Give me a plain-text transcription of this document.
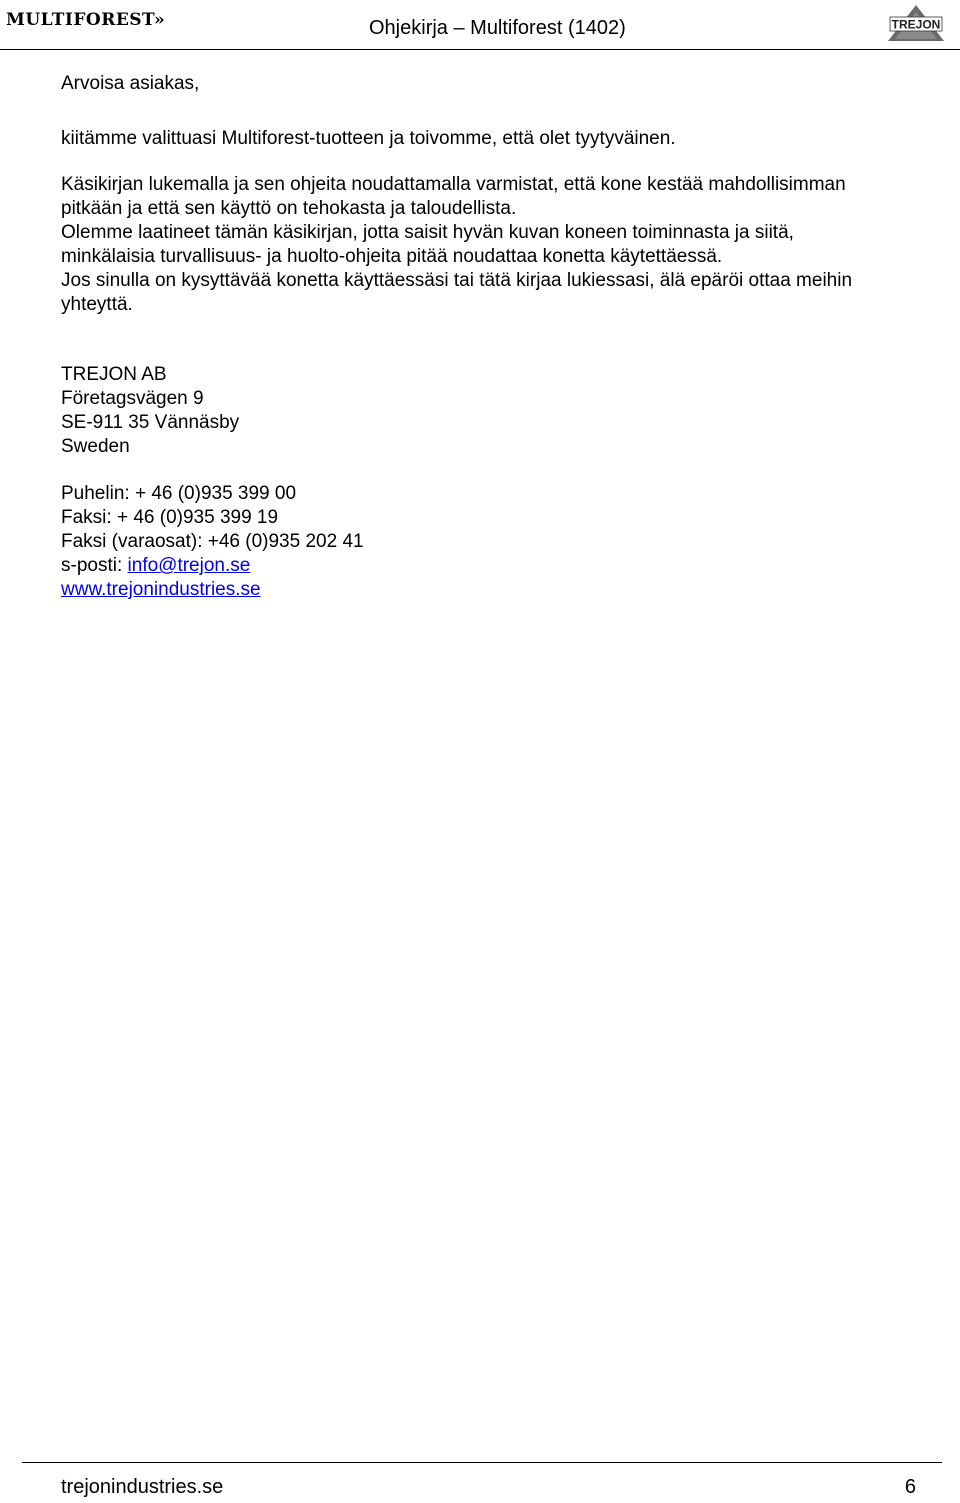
MULTIFOREST»	Ohjekirja – Multiforest (1402)	TREJON

Arvoisa asiakas,

kiitämme valittuasi Multiforest-tuotteen ja toivomme, että olet tyytyväinen.

Käsikirjan lukemalla ja sen ohjeita noudattamalla varmistat, että kone kestää mahdollisimman
pitkään ja että sen käyttö on tehokasta ja taloudellista.
Olemme laatineet tämän käsikirjan, jotta saisit hyvän kuvan koneen toiminnasta ja siitä,
minkälaisia turvallisuus- ja huolto-ohjeita pitää noudattaa konetta käytettäessä.
Jos sinulla on kysyttävää konetta käyttäessäsi tai tätä kirjaa lukiessasi, älä epäröi ottaa meihin
yhteyttä.

TREJON AB
Företagsvägen 9
SE-911 35 Vännäsby
Sweden

Puhelin: + 46 (0)935 399 00
Faksi: + 46 (0)935 399 19
Faksi (varaosat): +46 (0)935 202 41
s-posti: info@trejon.se
www.trejonindustries.se

trejonindustries.se	6
